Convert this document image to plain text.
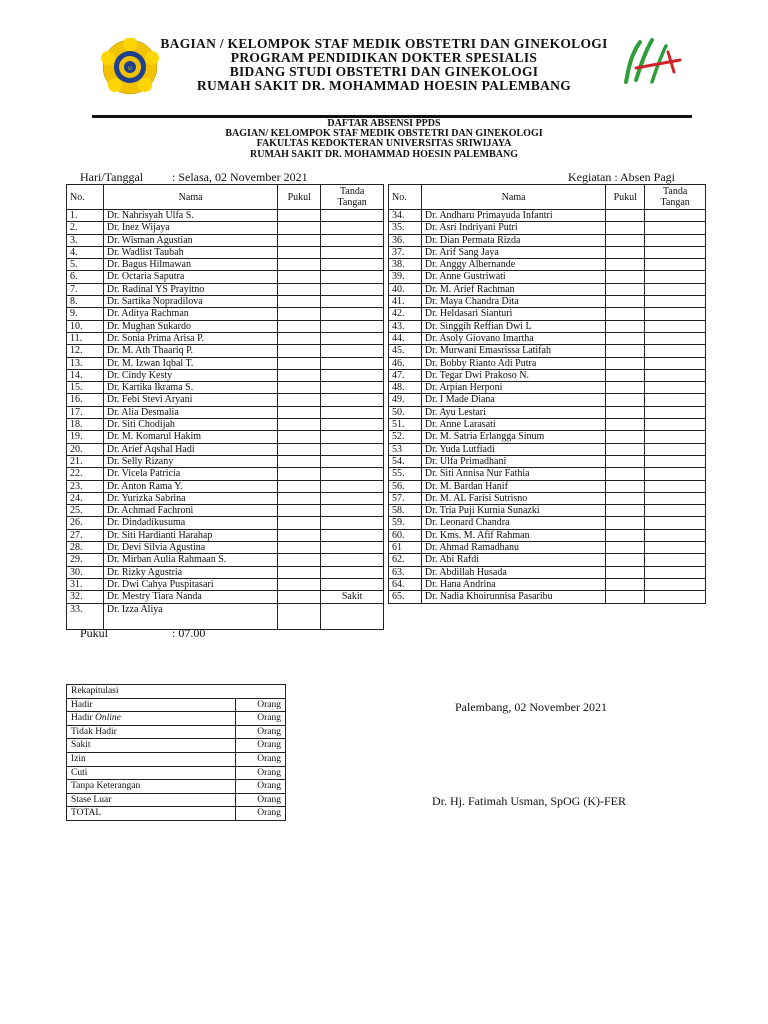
U
BAGIAN / KELOMPOK STAF MEDIK OBSTETRI DAN GINEKOLOGI
PROGRAM PENDIDIKAN DOKTER SPESIALIS
BIDANG STUDI OBSTETRI DAN GINEKOLOGI
RUMAH SAKIT DR. MOHAMMAD HOESIN PALEMBANG
DAFTAR ABSENSI PPDS
BAGIAN/ KELOMPOK STAF MEDIK OBSTETRI DAN GINEKOLOGI
FAKULTAS KEDOKTERAN UNIVERSITAS SRIWIJAYA
RUMAH SAKIT DR. MOHAMMAD HOESIN PALEMBANG
Hari/Tanggal : Selasa, 02 November 2021	Kegiatan : Absen Pagi
No.	Nama	Pukul	Tanda
Tangan
1.	Dr. Nahrisyah Ulfa S.		
2.	Dr. Inez Wijaya		
3.	Dr. Wisman Agustian		
4.	Dr. Wadlist Taubah		
5.	Dr. Bagus Hilmawan		
6.	Dr. Octaria Saputra		
7.	Dr. Radinal YS Prayitno		
8.	Dr. Sartika Nopradilova		
9.	Dr. Aditya Rachman		
10.	Dr. Mughan Sukardo		
11.	Dr. Sonia Prima Arisa P.		
12.	Dr. M. Ath Thaariq P.		
13.	Dr. M. Izwan Iqbal T.		
14.	Dr. Cindy Kesty		
15.	Dr. Kartika Ikrama S.		
16.	Dr. Febi Stevi Aryani		
17.	Dr. Alia Desmalia		
18.	Dr. Siti Chodijah		
19.	Dr. M. Komarul Hakim		
20.	Dr. Arief Aqshal Hadi		
21.	Dr. Selly Rizany		
22.	Dr. Vicela Patricia		
23.	Dr. Anton Rama Y.		
24.	Dr. Yurizka Sabrina		
25.	Dr. Achmad Fachroni		
26.	Dr. Dindadikusuma		
27.	Dr. Siti Hardianti Harahap		
28.	Dr. Devi Silvia Agustina		
29.	Dr. Mirban Aulia Rahmaan S.		
30.	Dr. Rizky Agustria		
31.	Dr. Dwi Cahya Puspitasari		
32.	Dr. Mestry Tiara Nanda		Sakit
33.	Dr. Izza Aliya		
No.	Nama	Pukul	Tanda
Tangan
34.	Dr. Andharu Primayuda Infantri		
35.	Dr. Asri Indriyani Putri		
36.	Dr. Dian Permata Rizda		
37.	Dr. Arif Sang Jaya		
38.	Dr. Anggy Albernande		
39.	Dr. Anne Gustriwati		
40.	Dr. M. Arief Rachman		
41.	Dr. Maya Chandra Dita		
42.	Dr. Heldasari Sianturi		
43.	Dr. Singgih Reffian Dwi L		
44.	Dr. Asoly Giovano Imartha		
45.	Dr. Murwani Emasrissa Latifah		
46.	Dr. Bobby Rianto Adi Putra		
47.	Dr. Tegar Dwi Prakoso N.		
48.	Dr. Arpian Herponi		
49.	Dr. I Made Diana		
50.	Dr. Ayu Lestari		
51.	Dr. Anne Larasati		
52.	Dr. M. Satria Erlangga Sinum		
53	Dr. Yuda Lutfiadi		
54.	Dr. Ulfa Primadhani		
55.	Dr. Siti Annisa Nur Fathia		
56.	Dr. M. Bardan Hanif		
57.	Dr. M. AL Farisi Sutrisno		
58.	Dr. Tria Puji Kurnia Sunazki		
59.	Dr. Leonard Chandra		
60.	Dr. Kms. M. Afif Rahman		
61	Dr. Ahmad Ramadhanu		
62.	Dr. Abi Rafdi		
63.	Dr. Abdillah Husada		
64.	Dr. Hana Andrina		
65.	Dr. Nadia Khoirunnisa Pasaribu		
Pukul	: 07.00
Rekapitulasi	
Hadir	Orang
Hadir Online	Orang
Tidak Hadir	Orang
Sakit	Orang
Izin	Orang
Cuti	Orang
Tanpa Keterangan	Orang
Stase Luar	Orang
TOTAL	Orang
Palembang, 02 November 2021
Dr. Hj. Fatimah Usman, SpOG (K)-FER
